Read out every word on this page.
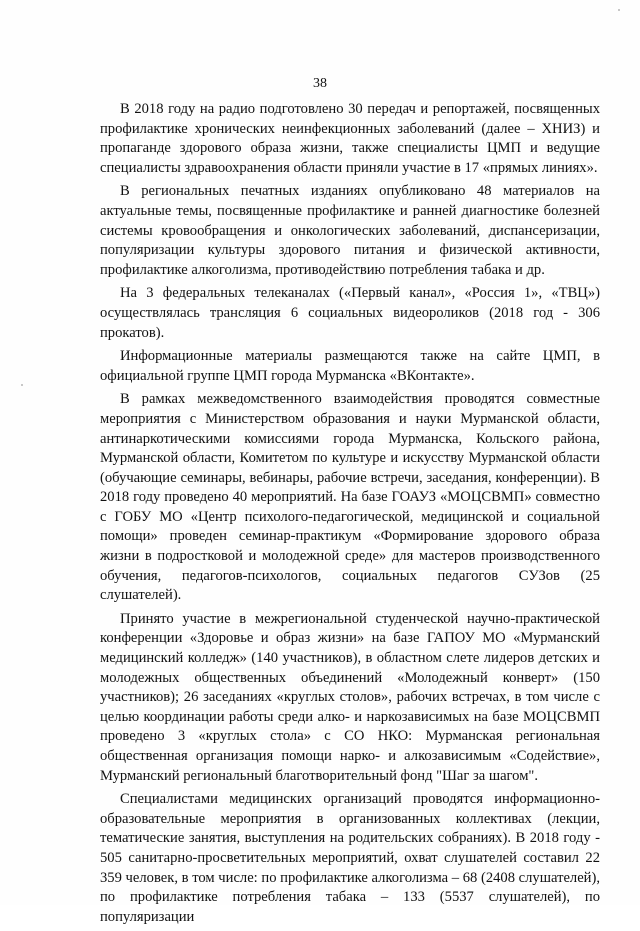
38

В 2018 году на радио подготовлено 30 передач и репортажей, посвященных профилактике хронических неинфекционных заболеваний (далее – ХНИЗ) и пропаганде здорового образа жизни, также специалисты ЦМП и ведущие специалисты здравоохранения области приняли участие в 17 «прямых линиях».

В региональных печатных изданиях опубликовано 48 материалов на актуальные темы, посвященные профилактике и ранней диагностике болезней системы кровообращения и онкологических заболеваний, диспансеризации, популяризации культуры здорового питания и физической активности, профилактике алкоголизма, противодействию потребления табака и др.

На 3 федеральных телеканалах («Первый канал», «Россия 1», «ТВЦ») осуществлялась трансляция 6 социальных видеороликов (2018 год - 306 прокатов).

Информационные материалы размещаются также на сайте ЦМП, в официальной группе ЦМП города Мурманска «ВКонтакте».

В рамках межведомственного взаимодействия проводятся совместные мероприятия с Министерством образования и науки Мурманской области, антинаркотическими комиссиями города Мурманска, Кольского района, Мурманской области, Комитетом по культуре и искусству Мурманской области (обучающие семинары, вебинары, рабочие встречи, заседания, конференции). В 2018 году проведено 40 мероприятий. На базе ГОАУЗ «МОЦСВМП» совместно с ГОБУ МО «Центр психолого-педагогической, медицинской и социальной помощи» проведен семинар-практикум «Формирование здорового образа жизни в подростковой и молодежной среде» для мастеров производственного обучения, педагогов-психологов, социальных педагогов СУЗов (25 слушателей).

Принято участие в межрегиональной студенческой научно-практической конференции «Здоровье и образ жизни» на базе ГАПОУ МО «Мурманский медицинский колледж» (140 участников), в областном слете лидеров детских и молодежных общественных объединений «Молодежный конверт» (150 участников); 26 заседаниях «круглых столов», рабочих встречах, в том числе с целью координации работы среди алко- и наркозависимых на базе МОЦСВМП проведено 3 «круглых стола» с СО НКО: Мурманская региональная общественная организация помощи нарко- и алкозависимым «Содействие», Мурманский региональный благотворительный фонд "Шаг за шагом".

Специалистами медицинских организаций проводятся информационно-образовательные мероприятия в организованных коллективах (лекции, тематические занятия, выступления на родительских собраниях). В 2018 году - 505 санитарно-просветительных мероприятий, охват слушателей составил 22 359 человек, в том числе: по профилактике алкоголизма – 68 (2408 слушателей), по профилактике потребления табака – 133 (5537 слушателей), по популяризации
